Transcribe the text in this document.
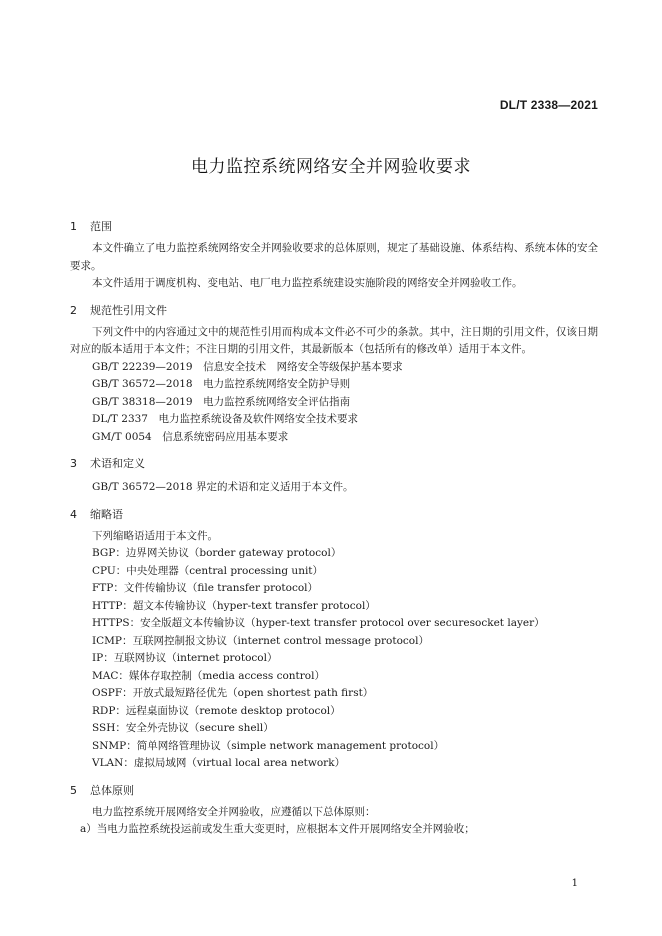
DL/T 2338—2021
电力监控系统网络安全并网验收要求
1 范围
本文件确立了电力监控系统网络安全并网验收要求的总体原则，规定了基础设施、体系结构、系统本体的安全要求。
本文件适用于调度机构、变电站、电厂电力监控系统建设实施阶段的网络安全并网验收工作。
2 规范性引用文件
下列文件中的内容通过文中的规范性引用而构成本文件必不可少的条款。其中，注日期的引用文件，仅该日期对应的版本适用于本文件；不注日期的引用文件，其最新版本（包括所有的修改单）适用于本文件。
GB/T 22239—2019　信息安全技术　网络安全等级保护基本要求
GB/T 36572—2018　电力监控系统网络安全防护导则
GB/T 38318—2019　电力监控系统网络安全评估指南
DL/T 2337　电力监控系统设备及软件网络安全技术要求
GM/T 0054　信息系统密码应用基本要求
3 术语和定义
GB/T 36572—2018 界定的术语和定义适用于本文件。
4 缩略语
下列缩略语适用于本文件。
BGP：边界网关协议（border gateway protocol）
CPU：中央处理器（central processing unit）
FTP：文件传输协议（file transfer protocol）
HTTP：超文本传输协议（hyper-text transfer protocol）
HTTPS：安全版超文本传输协议（hyper-text transfer protocol over securesocket layer）
ICMP：互联网控制报文协议（internet control message protocol）
IP：互联网协议（internet protocol）
MAC：媒体存取控制（media access control）
OSPF：开放式最短路径优先（open shortest path first）
RDP：远程桌面协议（remote desktop protocol）
SSH：安全外壳协议（secure shell）
SNMP：简单网络管理协议（simple network management protocol）
VLAN：虚拟局域网（virtual local area network）
5 总体原则
电力监控系统开展网络安全并网验收，应遵循以下总体原则：
a）当电力监控系统投运前或发生重大变更时，应根据本文件开展网络安全并网验收；
1
